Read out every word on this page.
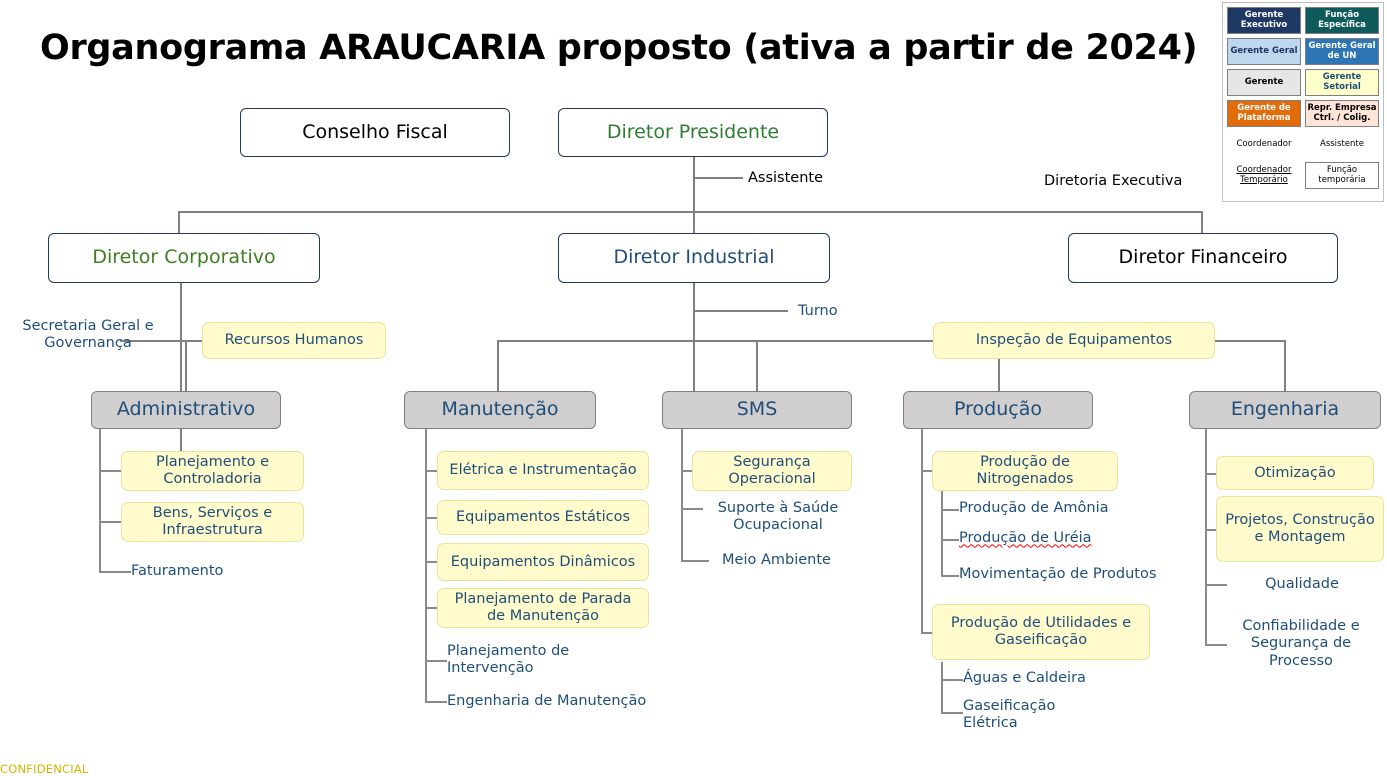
Organograma ARAUCARIA proposto (ativa a partir de 2024)
Conselho Fiscal	Diretor Presidente
Assistente	Diretoria Executiva
Diretor Corporativo	Diretor Industrial	Diretor Financeiro
Secretaria Geral e Governança	Recursos Humanos
Turno
Inspeção de Equipamentos
Administrativo	Manutenção	SMS	Produção	Engenharia
Planejamento e Controladoria
Bens, Serviços e Infraestrutura
Faturamento
Elétrica e Instrumentação
Equipamentos Estáticos
Equipamentos Dinâmicos
Planejamento de Parada de Manutenção
Planejamento de Intervenção
Engenharia de Manutenção
Segurança Operacional
Suporte à Saúde Ocupacional
Meio Ambiente
Produção de Nitrogenados
Produção de Amônia
Produção de Uréia
Movimentação de Produtos
Produção de Utilidades e Gaseificação
Águas e Caldeira
Gaseificação Elétrica
Otimização
Projetos, Construção e Montagem
Qualidade
Confiabilidade e Segurança de Processo
Gerente Executivo
Função Específica
Gerente Geral	Gerente Geral de UN
Gerente	Gerente Setorial
Gerente de Plataforma
Repr. Empresa Ctrl. / Colig.
Coordenador	Assistente
Coordenador Temporário
Função temporária
CONFIDENCIAL
